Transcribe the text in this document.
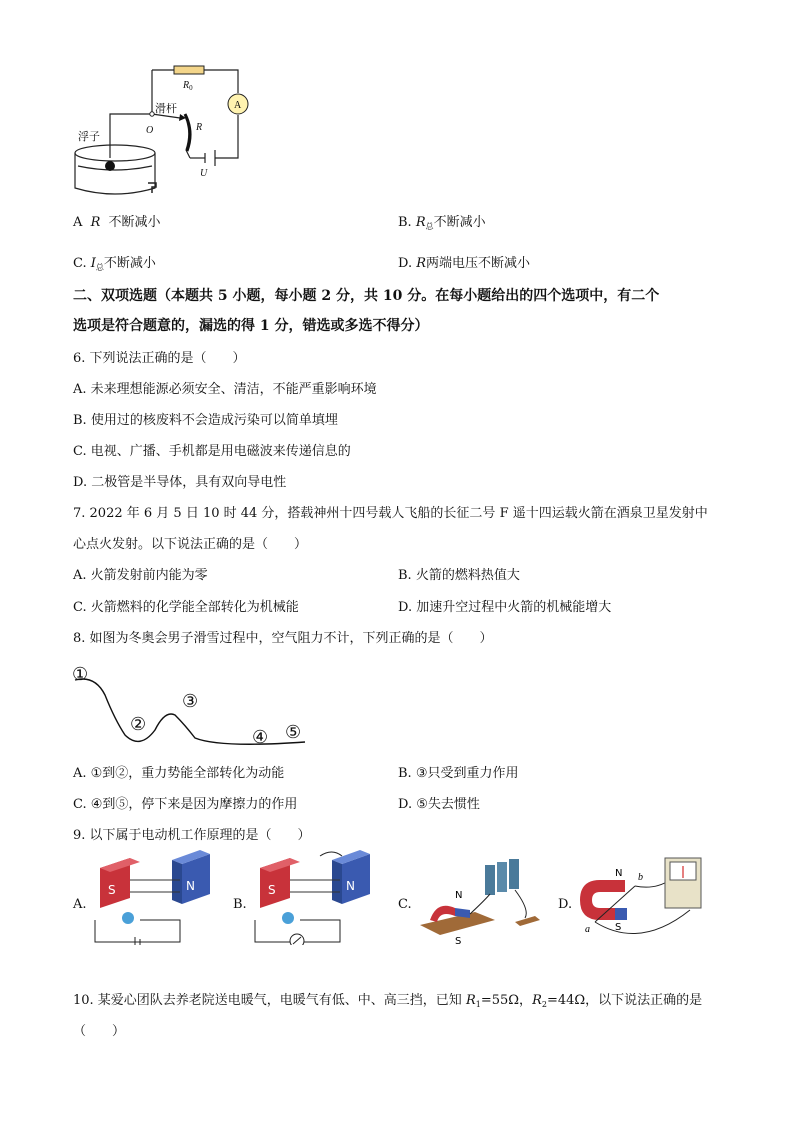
$R_0$
A
滑杆
O	R
浮子
U
A R 不断减小	B. $R_总$不断减小
C. $I_总$不断减小	D. R两端电压不断减小
二、双项选题（本题共 5 小题，每小题 2 分，共 10 分。在每小题给出的四个选项中，有二个
选项是符合题意的，漏选的得 1 分，错选或多选不得分）
6. 下列说法正确的是（　　）
A. 未来理想能源必须安全、清洁，不能严重影响环境
B. 使用过的核废料不会造成污染可以简单填埋
C. 电视、广播、手机都是用电磁波来传递信息的
D. 二极管是半导体，具有双向导电性
7. 2022 年 6 月 5 日 10 时 44 分，搭载神州十四号载人飞船的长征二号 F 遥十四运载火箭在酒泉卫星发射中
心点火发射。以下说法正确的是（　　）
A. 火箭发射前内能为零	B. 火箭的燃料热值大
C. 火箭燃料的化学能全部转化为机械能	D. 加速升空过程中火箭的机械能增大
8. 如图为冬奥会男子滑雪过程中，空气阻力不计，下列正确的是（　　）
①
②
③
④ ⑤
A. ①到②，重力势能全部转化为动能	B. ③只受到重力作用
C. ④到⑤，停下来是因为摩擦力的作用	D. ⑤失去惯性
9. 以下属于电动机工作原理的是（　　）
A.	B.	C.	D.
S	N	S	N
N
S
N
S
a
b
10. 某爱心团队去养老院送电暖气，电暖气有低、中、高三挡，已知 $R_1=55\Omega$，$R_2=44\Omega$，以下说法正确的是
（　　）
